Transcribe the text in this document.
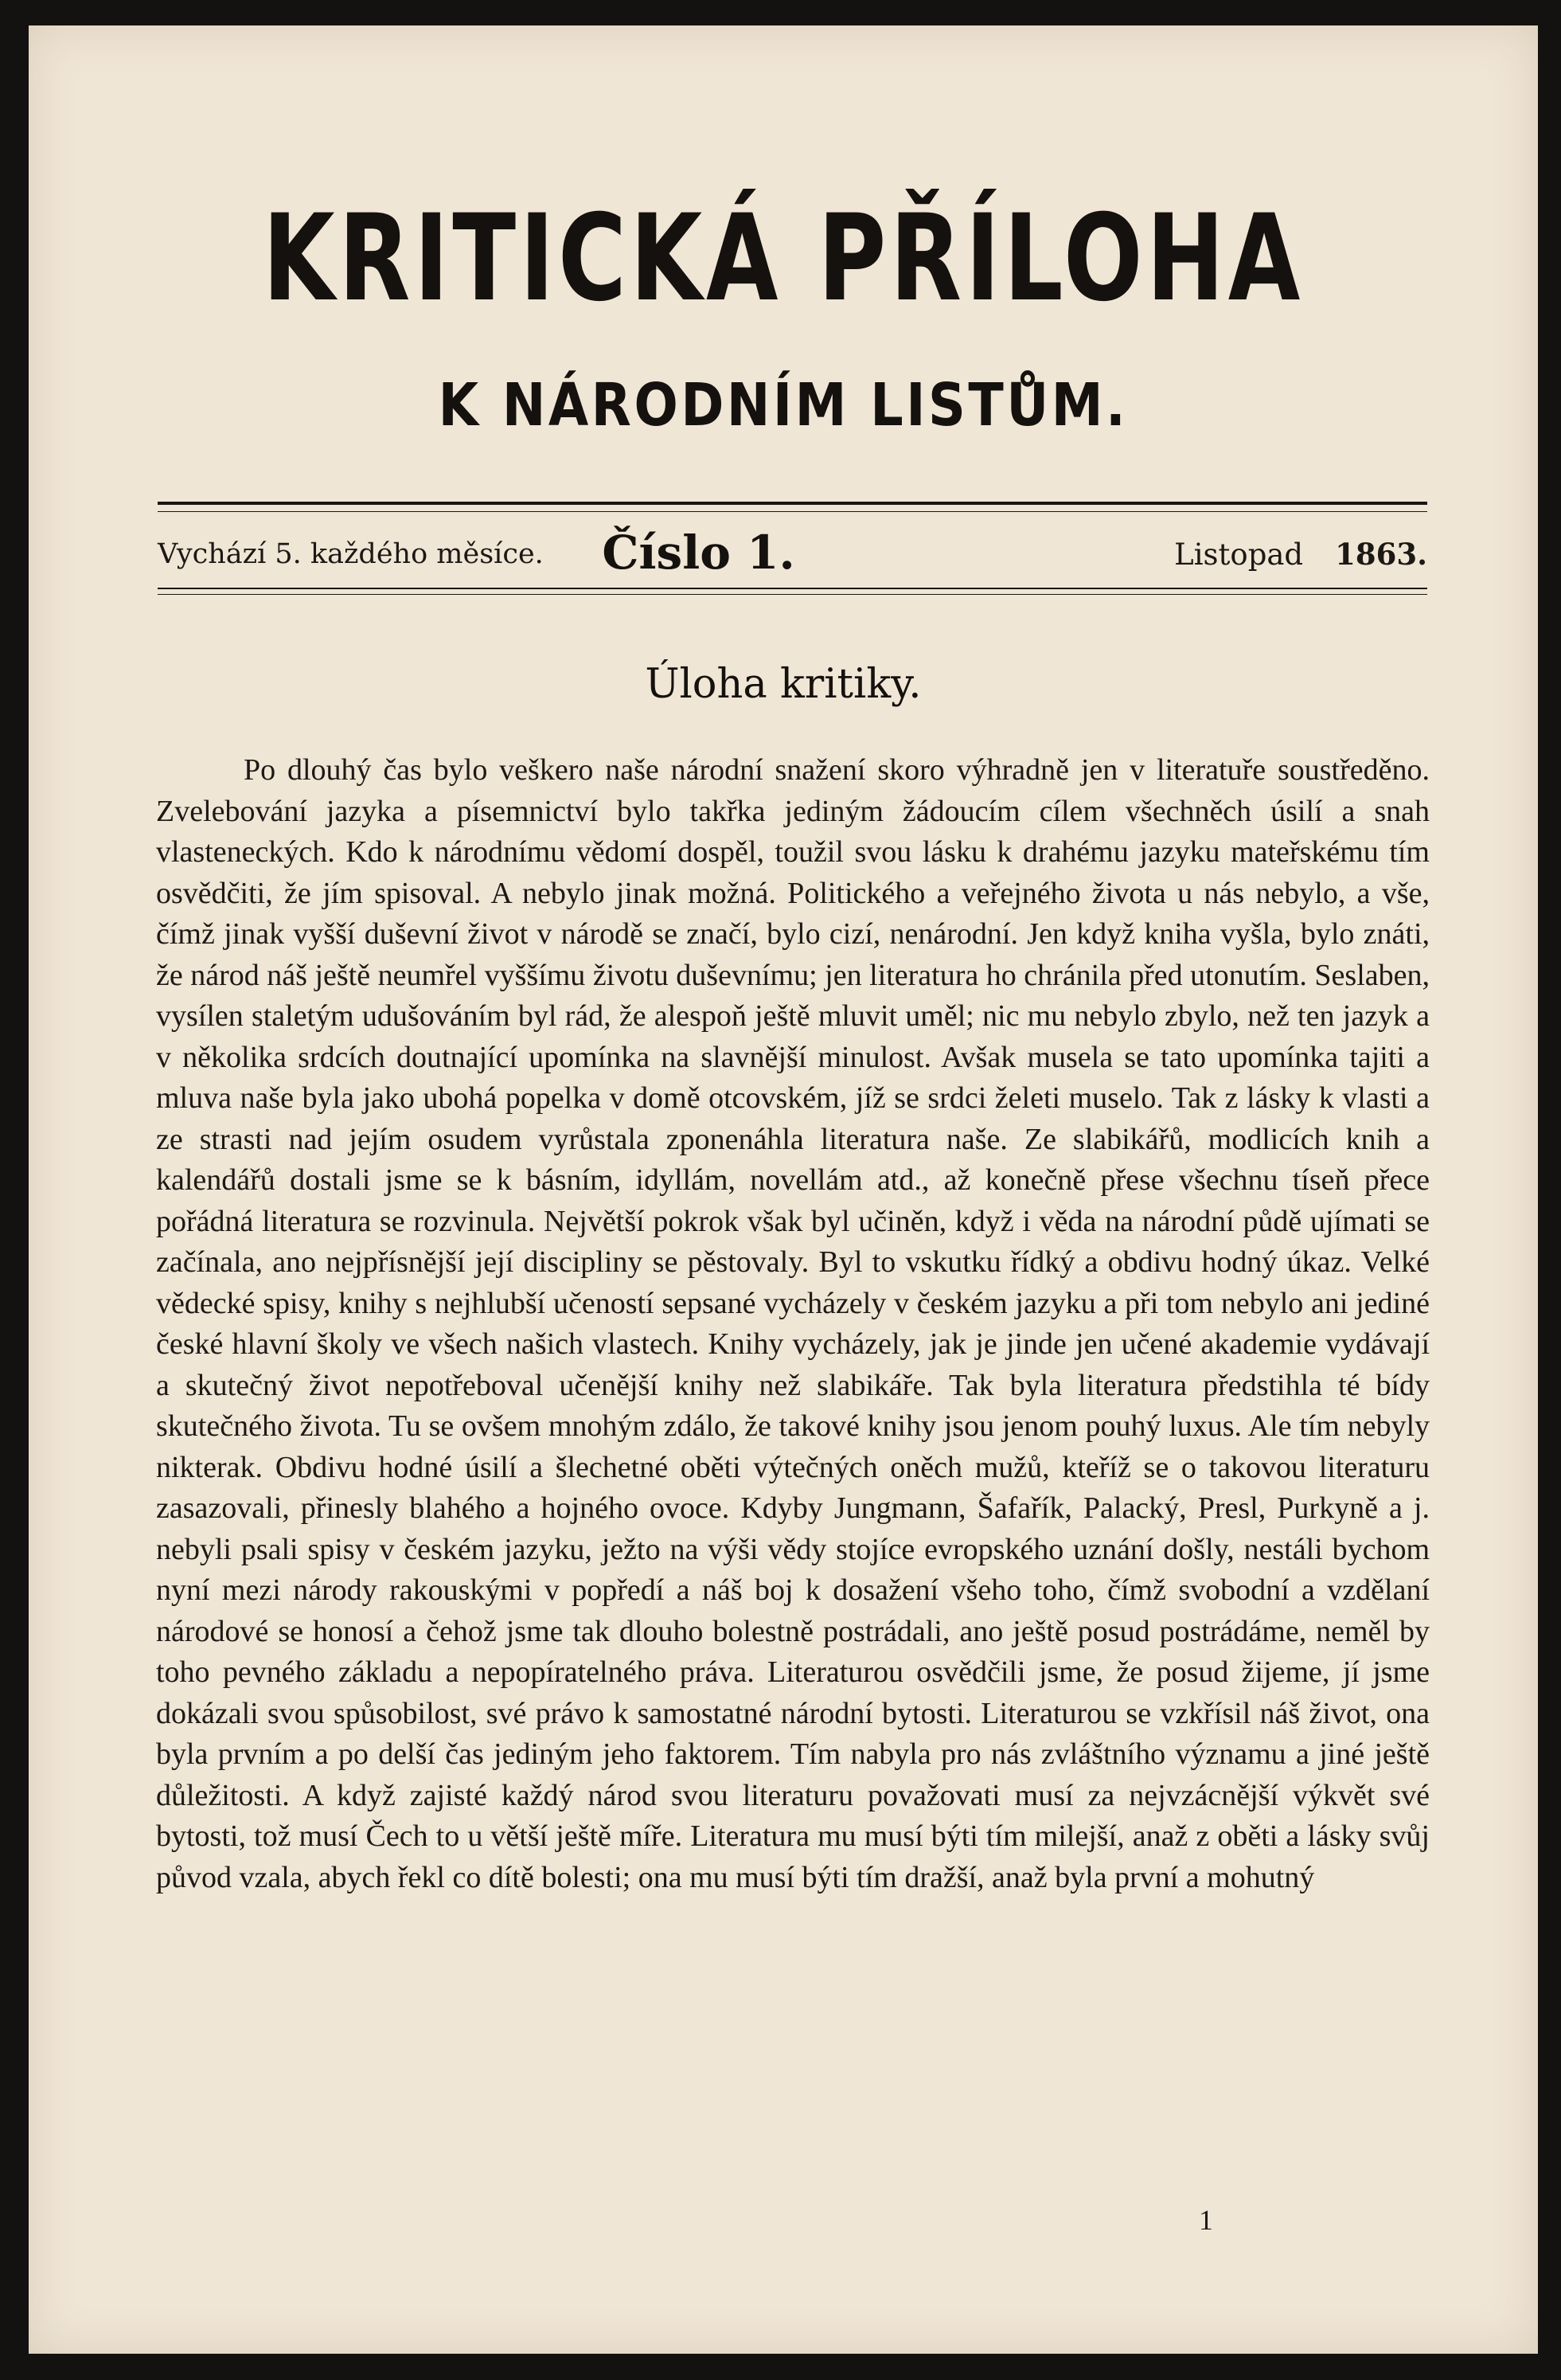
KRITICKÁ PŘÍLOHA
K NÁRODNÍM LISTŮM.
Vychází 5. každého měsíce.	Číslo 1.	Listopad 1863.
Úloha kritiky.

Po dlouhý čas bylo veškero naše národní snažení skoro výhradně jen v literatuře soustředěno. Zvelebování jazyka a písemnictví bylo takřka jediným žádoucím cílem všechněch úsilí a snah vlasteneckých. Kdo k národnímu vědomí dospěl, toužil svou lásku k drahému jazyku mateřskému tím osvědčiti, že jím spisoval. A nebylo jinak možná. Politického a veřejného života u nás nebylo, a vše, čímž jinak vyšší duševní život v národě se značí, bylo cizí, nenárodní. Jen když kniha vyšla, bylo znáti, že národ náš ještě neumřel vyššímu životu duševnímu; jen literatura ho chránila před utonutím. Seslaben, vysílen staletým udušováním byl rád, že alespoň ještě mluvit uměl; nic mu nebylo zbylo, než ten jazyk a v několika srdcích doutnající upomínka na slavnější minulost. Avšak musela se tato upomínka tajiti a mluva naše byla jako ubohá popelka v domě otcovském, jíž se srdci želeti muselo. Tak z lásky k vlasti a ze strasti nad jejím osudem vyrůstala zponenáhla literatura naše. Ze slabikářů, modlicích knih a kalendářů dostali jsme se k básním, idyllám, novellám atd., až konečně přese všechnu tíseň přece pořádná literatura se rozvinula. Největší pokrok však byl učiněn, když i věda na národní půdě ujímati se začínala, ano nejpřísnější její discipliny se pěstovaly. Byl to vskutku řídký a obdivu hodný úkaz. Velké vědecké spisy, knihy s nejhlubší učeností sepsané vycházely v českém jazyku a při tom nebylo ani jediné české hlavní školy ve všech našich vlastech. Knihy vycházely, jak je jinde jen učené akademie vydávají a skutečný život nepotřeboval učenější knihy než slabikáře. Tak byla literatura předstihla té bídy skutečného života. Tu se ovšem mnohým zdálo, že takové knihy jsou jenom pouhý luxus. Ale tím nebyly nikterak. Obdivu hodné úsilí a šlechetné oběti výtečných oněch mužů, kteříž se o takovou literaturu zasazovali, přinesly blahého a hojného ovoce. Kdyby Jungmann, Šafařík, Palacký, Presl, Purkyně a j. nebyli psali spisy v českém jazyku, ježto na výši vědy stojíce evropského uznání došly, nestáli bychom nyní mezi národy rakouskými v popředí a náš boj k dosažení všeho toho, čímž svobodní a vzdělaní národové se honosí a čehož jsme tak dlouho bolestně postrádali, ano ještě posud postrádáme, neměl by toho pevného základu a nepopíratelného práva. Literaturou osvědčili jsme, že posud žijeme, jí jsme dokázali svou spůsobilost, své právo k samostatné národní bytosti. Literaturou se vzkřísil náš život, ona byla prvním a po delší čas jediným jeho faktorem. Tím nabyla pro nás zvláštního významu a jiné ještě důležitosti. A když zajisté každý národ svou literaturu považovati musí za nejvzácnější výkvět své bytosti, tož musí Čech to u větší ještě míře. Literatura mu musí býti tím milejší, anaž z oběti a lásky svůj původ vzala, abych řekl co dítě bolesti; ona mu musí býti tím dražší, anaž byla první a mohutný

1
